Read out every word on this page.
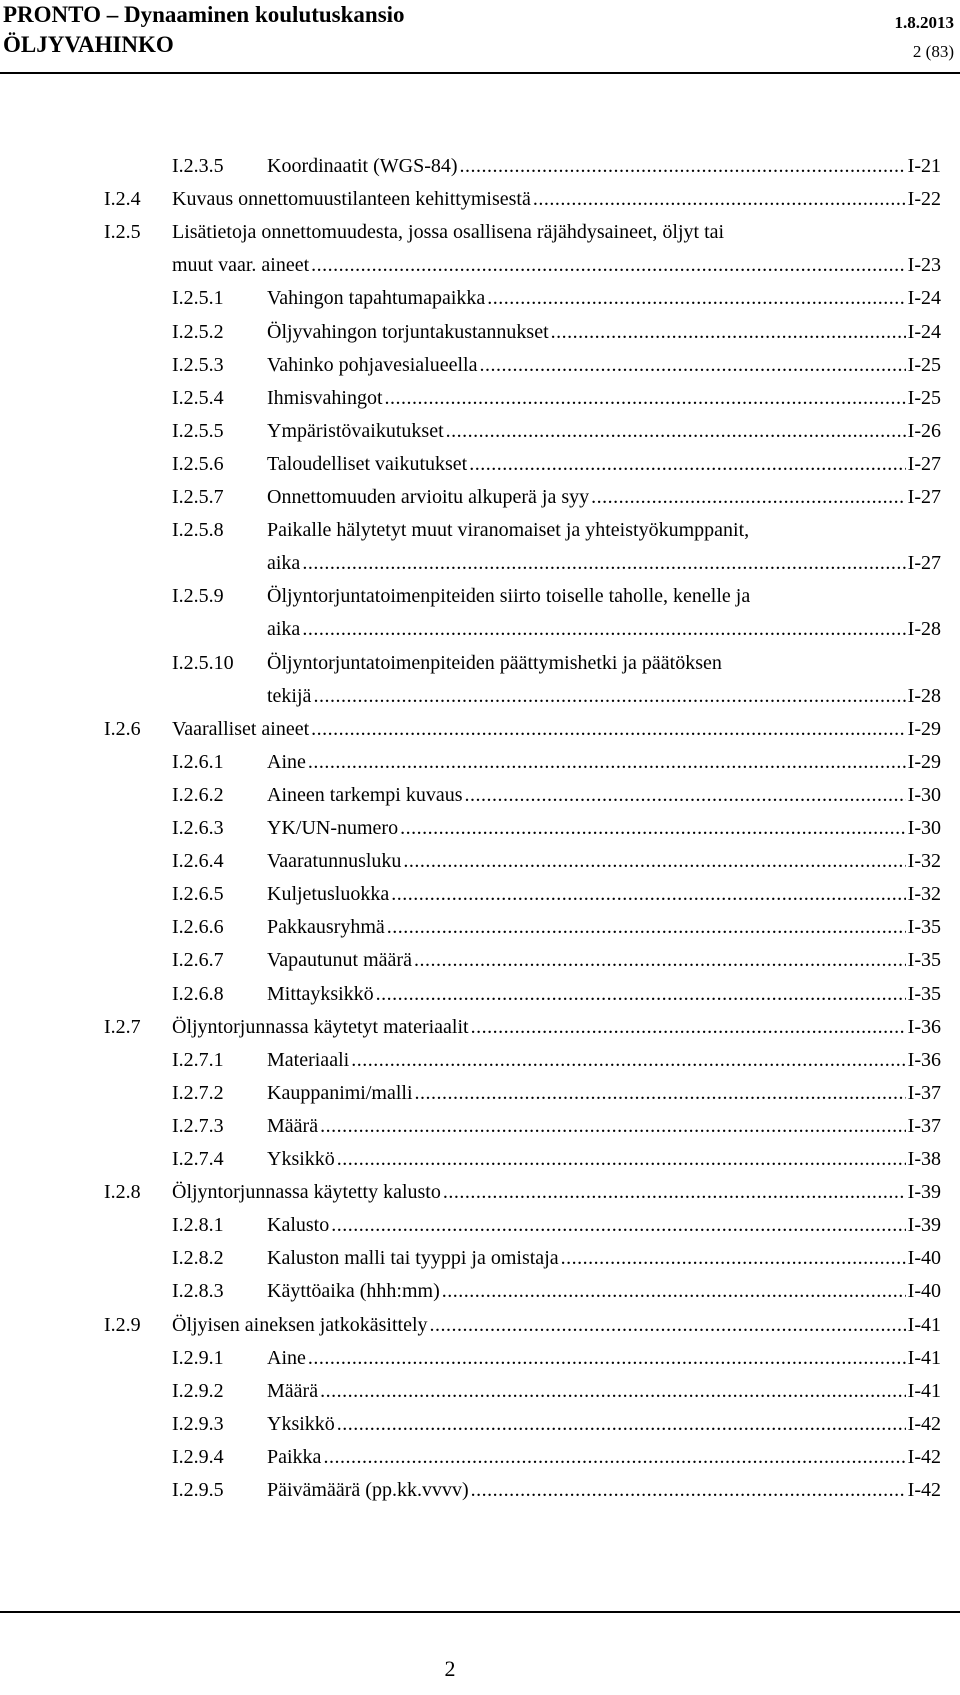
PRONTO – Dynaaminen koulutuskansio
ÖLJYVAHINKO
1.8.2013
2 (83)
I.2.3.5 Koordinaatit (WGS-84) .....	I-21
I.2.4 Kuvaus onnettomuustilanteen kehittymisestä .....	I-22
I.2.5 Lisätietoja onnettomuudesta, jossa osallisena räjähdysaineet, öljyt tai
muut vaar. aineet .....	I-23
I.2.5.1 Vahingon tapahtumapaikka .....	I-24
I.2.5.2 Öljyvahingon torjuntakustannukset .....	I-24
I.2.5.3 Vahinko pohjavesialueella .....	I-25
I.2.5.4 Ihmisvahingot .....	I-25
I.2.5.5 Ympäristövaikutukset .....	I-26
I.2.5.6 Taloudelliset vaikutukset .....	I-27
I.2.5.7 Onnettomuuden arvioitu alkuperä ja syy .....	I-27
I.2.5.8 Paikalle hälytetyt muut viranomaiset ja yhteistyökumppanit,
aika .....	I-27
I.2.5.9 Öljyntorjuntatoimenpiteiden siirto toiselle taholle, kenelle ja
aika .....	I-28
I.2.5.10 Öljyntorjuntatoimenpiteiden päättymishetki ja päätöksen
tekijä .....	I-28
I.2.6 Vaaralliset aineet .....	I-29
I.2.6.1 Aine .....	I-29
I.2.6.2 Aineen tarkempi kuvaus .....	I-30
I.2.6.3 YK/UN-numero .....	I-30
I.2.6.4 Vaaratunnusluku .....	I-32
I.2.6.5 Kuljetusluokka .....	I-32
I.2.6.6 Pakkausryhmä .....	I-35
I.2.6.7 Vapautunut määrä .....	I-35
I.2.6.8 Mittayksikkö .....	I-35
I.2.7 Öljyntorjunnassa käytetyt materiaalit .....	I-36
I.2.7.1 Materiaali .....	I-36
I.2.7.2 Kauppanimi/malli .....	I-37
I.2.7.3 Määrä .....	I-37
I.2.7.4 Yksikkö .....	I-38
I.2.8 Öljyntorjunnassa käytetty kalusto .....	I-39
I.2.8.1 Kalusto .....	I-39
I.2.8.2 Kaluston malli tai tyyppi ja omistaja .....	I-40
I.2.8.3 Käyttöaika (hhh:mm) .....	I-40
I.2.9 Öljyisen aineksen jatkokäsittely .....	I-41
I.2.9.1 Aine .....	I-41
I.2.9.2 Määrä .....	I-41
I.2.9.3 Yksikkö .....	I-42
I.2.9.4 Paikka .....	I-42
I.2.9.5 Päivämäärä (pp.kk.vvvv) .....	I-42
2
